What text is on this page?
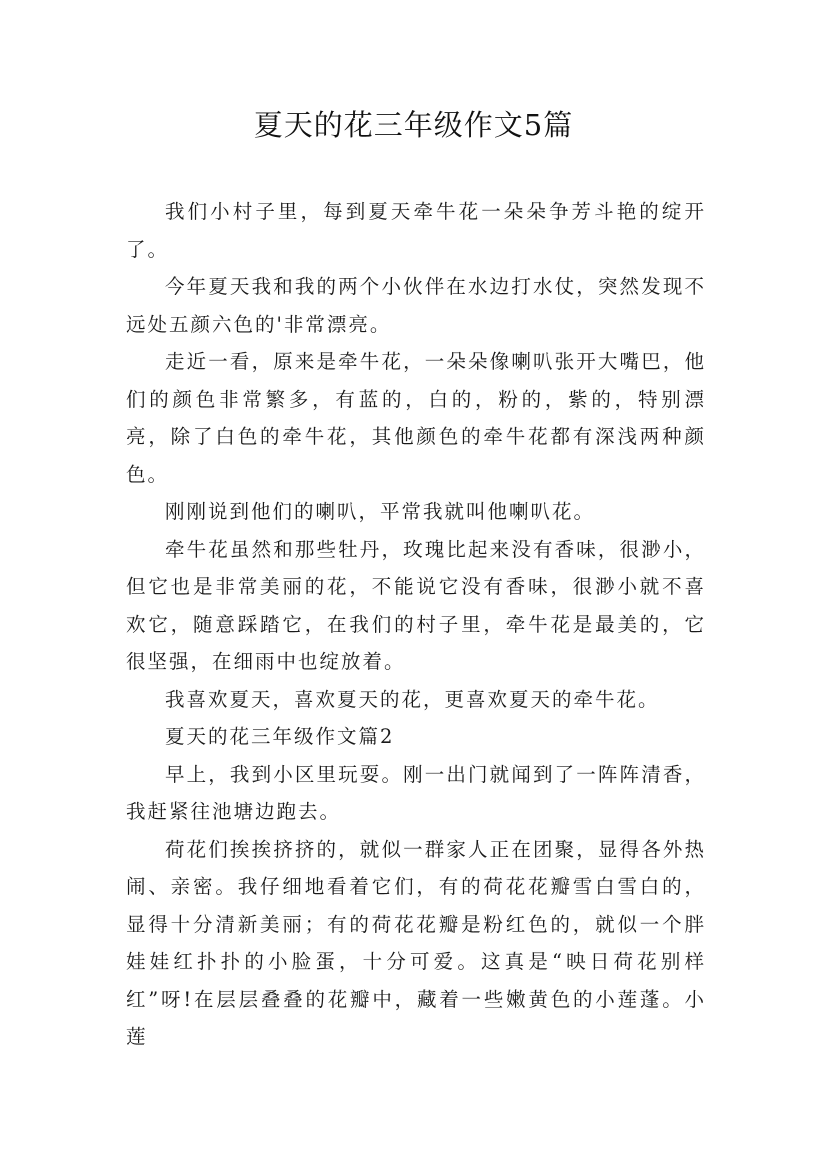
夏天的花三年级作文5篇

我们小村子里，每到夏天牵牛花一朵朵争芳斗艳的绽开了。

今年夏天我和我的两个小伙伴在水边打水仗，突然发现不远处五颜六色的'非常漂亮。

走近一看，原来是牵牛花，一朵朵像喇叭张开大嘴巴，他们的颜色非常繁多，有蓝的，白的，粉的，紫的，特别漂亮，除了白色的牵牛花，其他颜色的牵牛花都有深浅两种颜色。

刚刚说到他们的喇叭，平常我就叫他喇叭花。

牵牛花虽然和那些牡丹，玫瑰比起来没有香味，很渺小，但它也是非常美丽的花，不能说它没有香味，很渺小就不喜欢它，随意踩踏它，在我们的村子里，牵牛花是最美的，它很坚强，在细雨中也绽放着。

我喜欢夏天，喜欢夏天的花，更喜欢夏天的牵牛花。

夏天的花三年级作文篇2

早上，我到小区里玩耍。刚一出门就闻到了一阵阵清香，我赶紧往池塘边跑去。

荷花们挨挨挤挤的，就似一群家人正在团聚，显得各外热闹、亲密。我仔细地看着它们，有的荷花花瓣雪白雪白的，显得十分清新美丽；有的荷花花瓣是粉红色的，就似一个胖娃娃红扑扑的小脸蛋，十分可爱。这真是“映日荷花别样红”呀!在层层叠叠的花瓣中，藏着一些嫩黄色的小莲蓬。小莲
